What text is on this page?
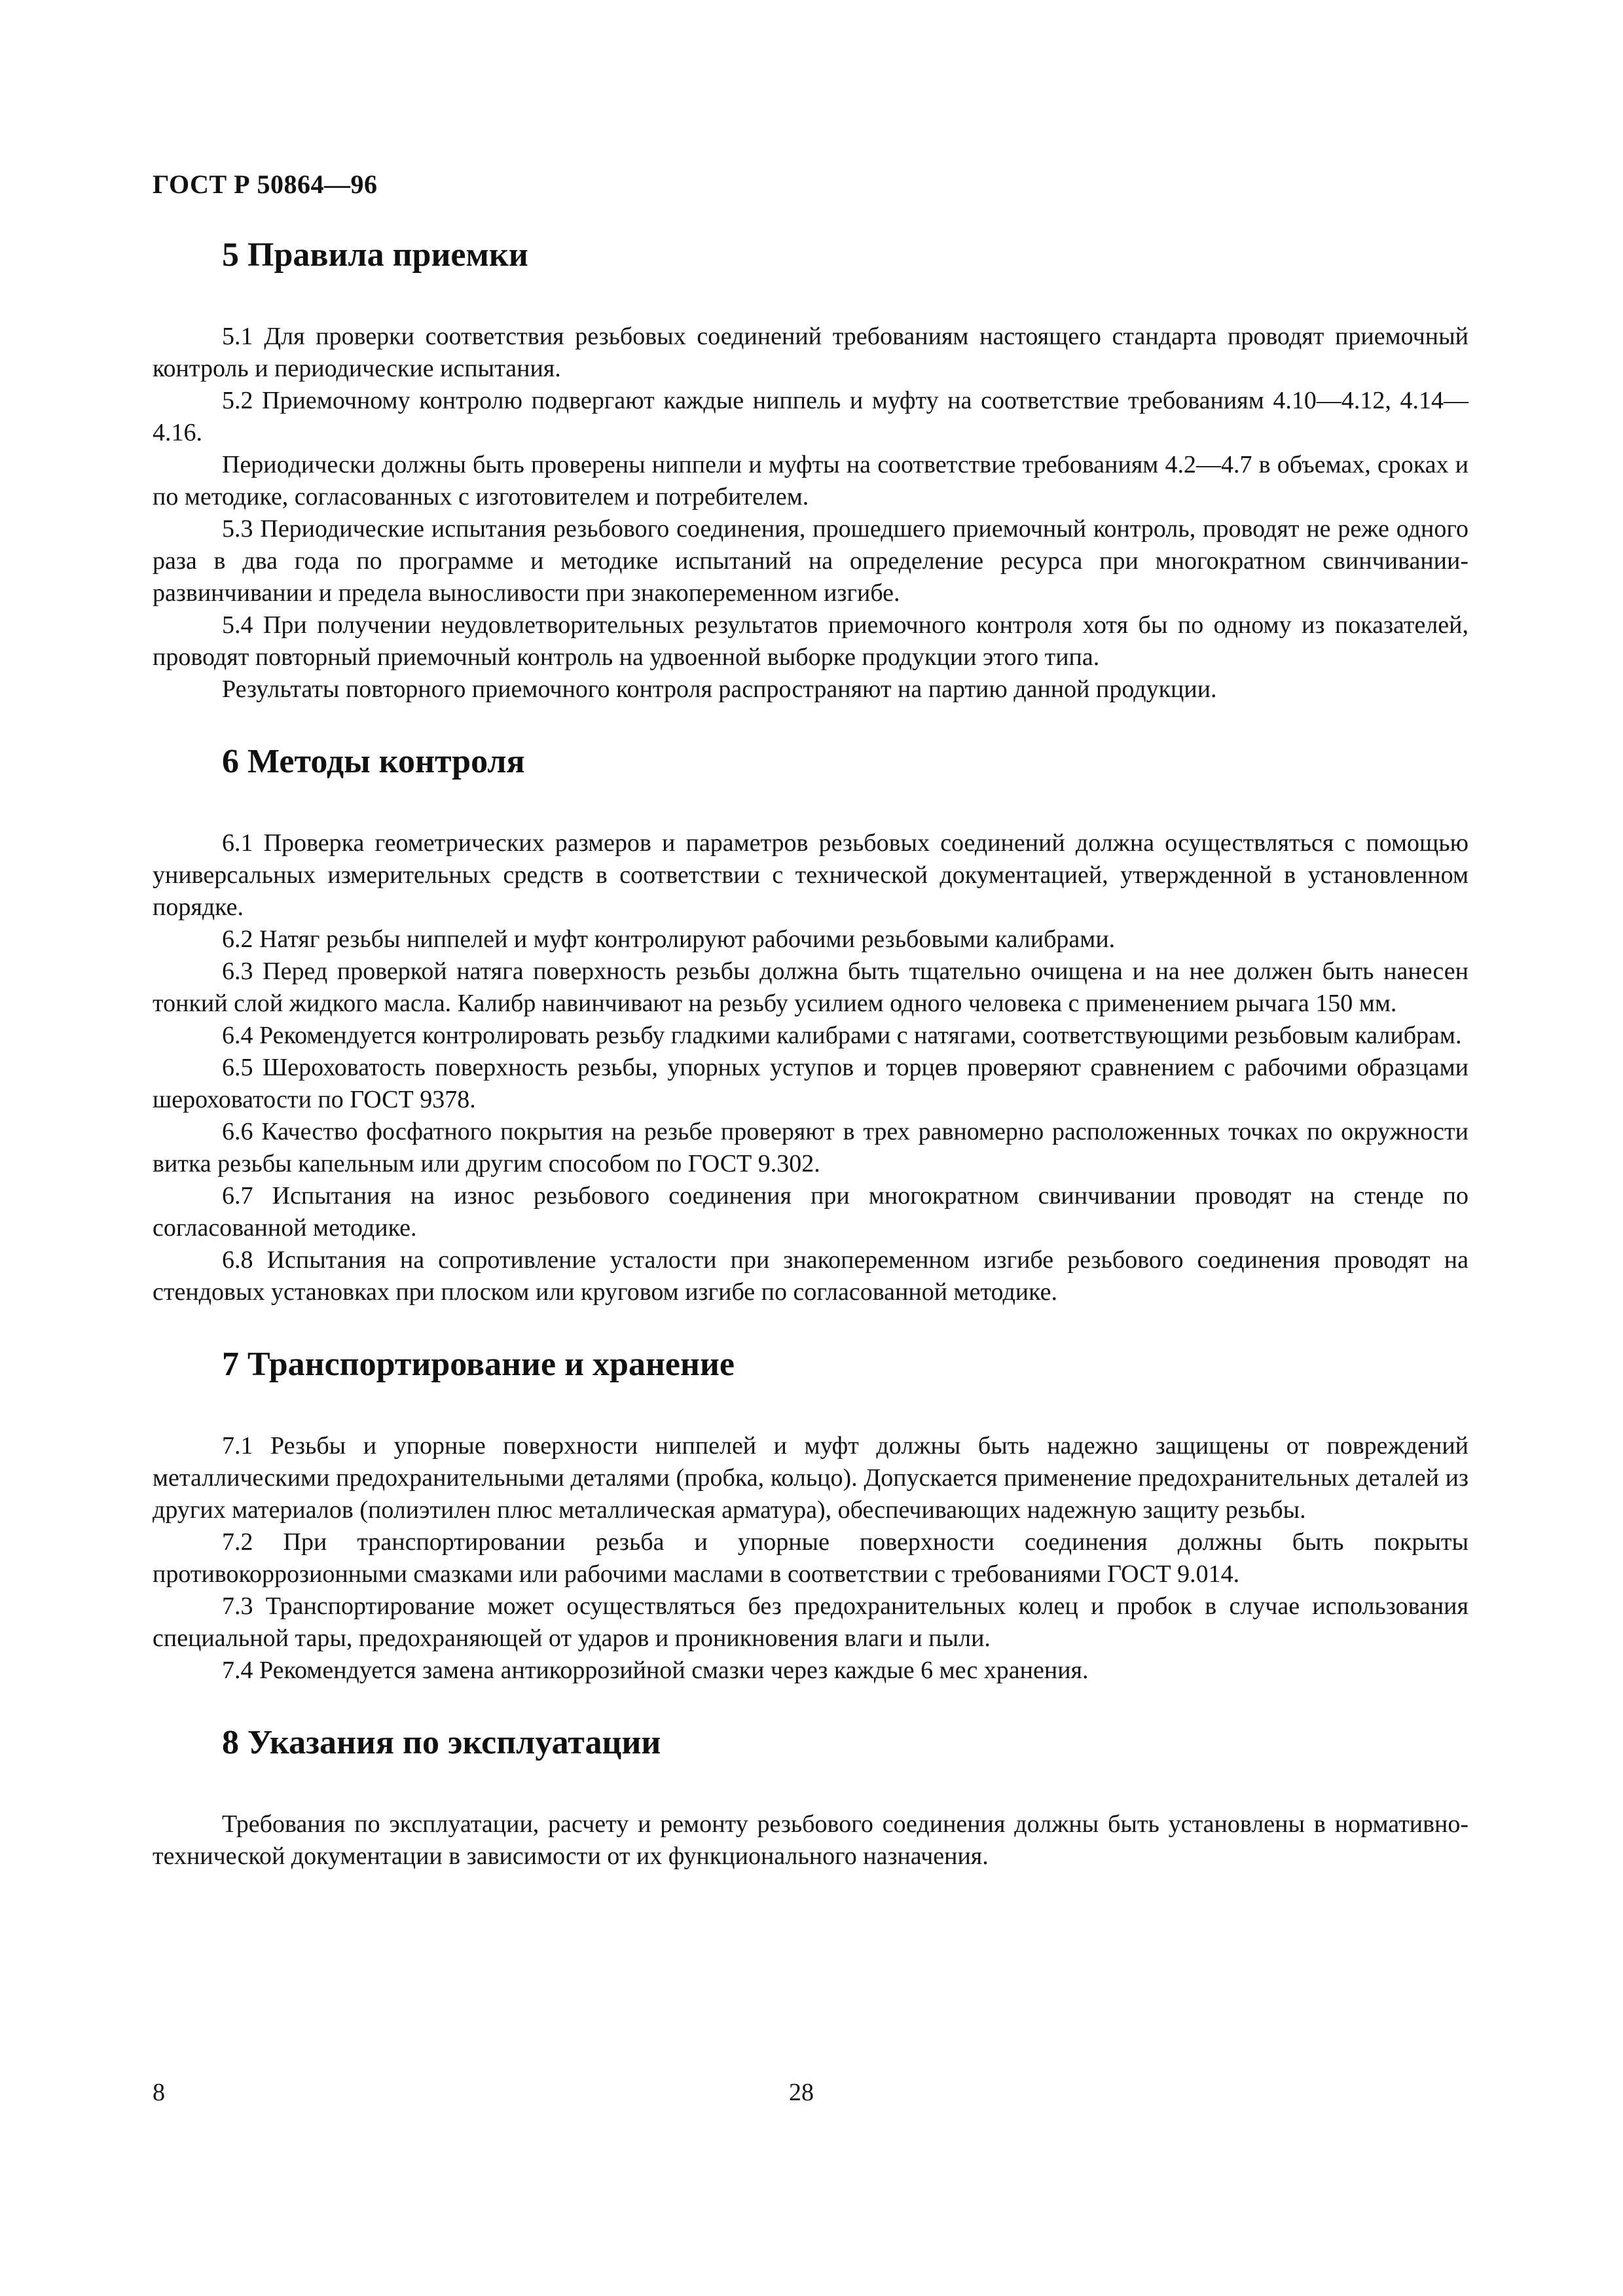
ГОСТ Р 50864—96
5 Правила приемки

5.1 Для проверки соответствия резьбовых соединений требованиям настоящего стандарта проводят приемочный контроль и периодические испытания.

5.2 Приемочному контролю подвергают каждые ниппель и муфту на соответствие требованиям 4.10—4.12, 4.14—4.16.

Периодически должны быть проверены ниппели и муфты на соответствие требованиям 4.2—4.7 в объемах, сроках и по методике, согласованных с изготовителем и потребителем.

5.3 Периодические испытания резьбового соединения, прошедшего приемочный контроль, проводят не реже одного раза в два года по программе и методике испытаний на определение ресурса при многократном свинчивании-развинчивании и предела выносливости при знакопеременном изгибе.

5.4 При получении неудовлетворительных результатов приемочного контроля хотя бы по одному из показателей, проводят повторный приемочный контроль на удвоенной выборке продукции этого типа.

Результаты повторного приемочного контроля распространяют на партию данной продукции.

6 Методы контроля

6.1 Проверка геометрических размеров и параметров резьбовых соединений должна осуществляться с помощью универсальных измерительных средств в соответствии с технической документацией, утвержденной в установленном порядке.

6.2 Натяг резьбы ниппелей и муфт контролируют рабочими резьбовыми калибрами.

6.3 Перед проверкой натяга поверхность резьбы должна быть тщательно очищена и на нее должен быть нанесен тонкий слой жидкого масла. Калибр навинчивают на резьбу усилием одного человека с применением рычага 150 мм.

6.4 Рекомендуется контролировать резьбу гладкими калибрами с натягами, соответствующими резьбовым калибрам.

6.5 Шероховатость поверхность резьбы, упорных уступов и торцев проверяют сравнением с рабочими образцами шероховатости по ГОСТ 9378.

6.6 Качество фосфатного покрытия на резьбе проверяют в трех равномерно расположенных точках по окружности витка резьбы капельным или другим способом по ГОСТ 9.302.

6.7 Испытания на износ резьбового соединения при многократном свинчивании проводят на стенде по согласованной методике.

6.8 Испытания на сопротивление усталости при знакопеременном изгибе резьбового соединения проводят на стендовых установках при плоском или круговом изгибе по согласованной методике.

7 Транспортирование и хранение

7.1 Резьбы и упорные поверхности ниппелей и муфт должны быть надежно защищены от повреждений металлическими предохранительными деталями (пробка, кольцо). Допускается применение предохранительных деталей из других материалов (полиэтилен плюс металлическая арматура), обеспечивающих надежную защиту резьбы.

7.2 При транспортировании резьба и упорные поверхности соединения должны быть покрыты противокоррозионными смазками или рабочими маслами в соответствии с требованиями ГОСТ 9.014.

7.3 Транспортирование может осуществляться без предохранительных колец и пробок в случае использования специальной тары, предохраняющей от ударов и проникновения влаги и пыли.

7.4 Рекомендуется замена антикоррозийной смазки через каждые 6 мес хранения.

8 Указания по эксплуатации

Требования по эксплуатации, расчету и ремонту резьбового соединения должны быть установлены в нормативно-технической документации в зависимости от их функционального назначения.

8	28
